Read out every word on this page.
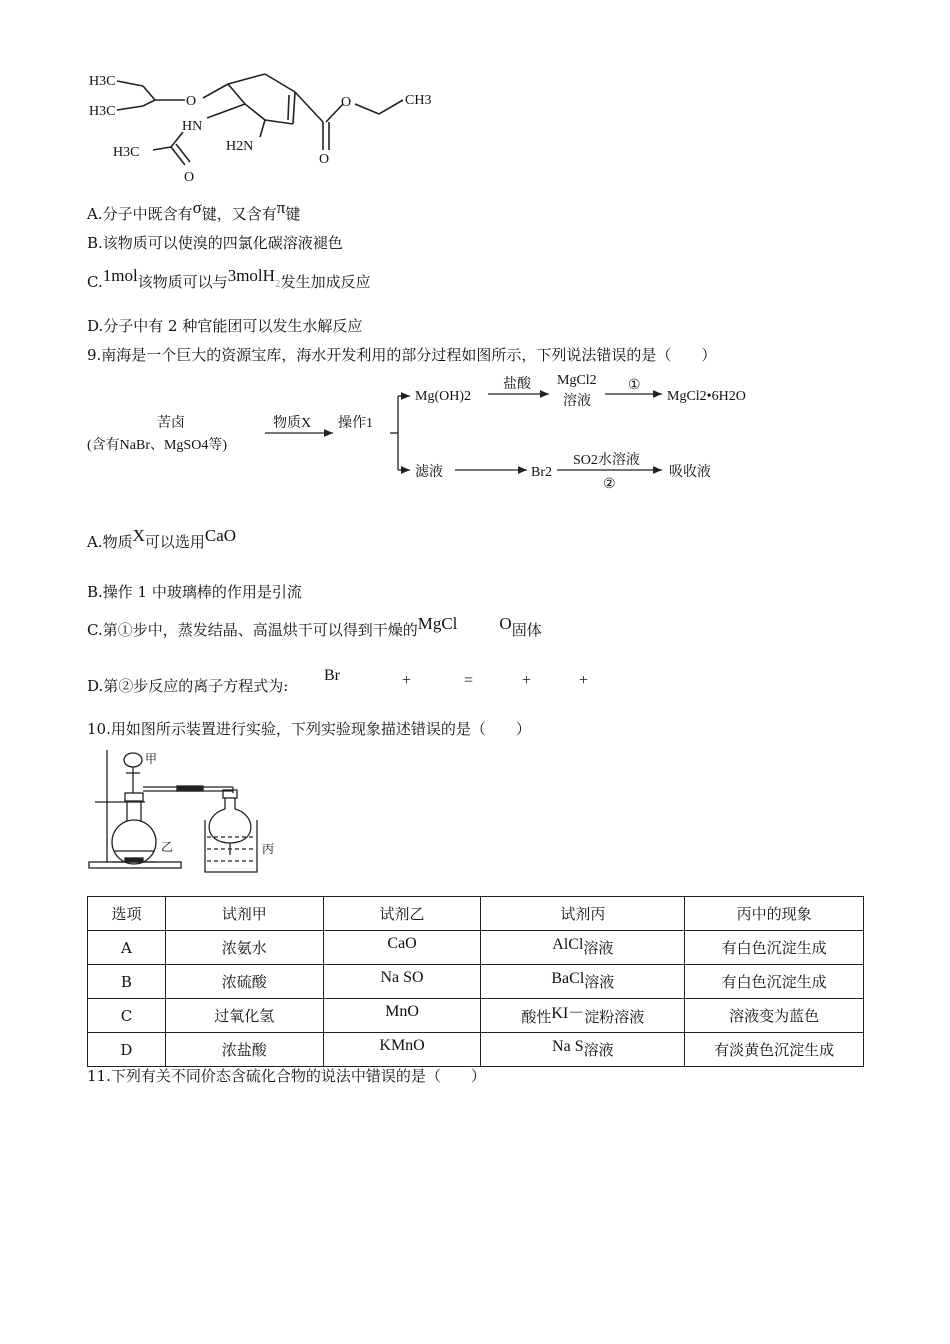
H3C
H3C
O
HN
H2N
H3C
O
O
O
CH3
A.分子中既含有σ键，又含有π键
B.该物质可以使溴的四氯化碳溶液褪色
C.1mol该物质可以与3molH2发生加成反应
D.分子中有 2 种官能团可以发生水解反应
9.南海是一个巨大的资源宝库，海水开发利用的部分过程如图所示，下列说法错误的是（　　）
苦卤
(含有NaBr、MgSO4等)
物质X 操作1
Mg(OH)2
盐酸 MgCl2
溶液
①
MgCl2•6H2O
滤液	Br2
SO2水溶液
②
吸收液
A.物质X可以选用CaO
B.操作 1 中玻璃棒的作用是引流
C.第①步中，蒸发结晶、高温烘干可以得到干燥的MgCl O固体
D.第②步反应的离子方程式为:
Br	+	=	+	+
10.用如图所示装置进行实验，下列实验现象描述错误的是（　　）
甲
乙	丙
选项	试剂甲	试剂乙	试剂丙	丙中的现象
A	浓氨水	CaO	AlCl溶液	有白色沉淀生成
B	浓硫酸	Na SO	BaCl溶液	有白色沉淀生成
C	过氧化氢	MnO	酸性KI－淀粉溶液	溶液变为蓝色
D	浓盐酸	KMnO	Na S溶液	有淡黄色沉淀生成
11.下列有关不同价态含硫化合物的说法中错误的是（　　）
